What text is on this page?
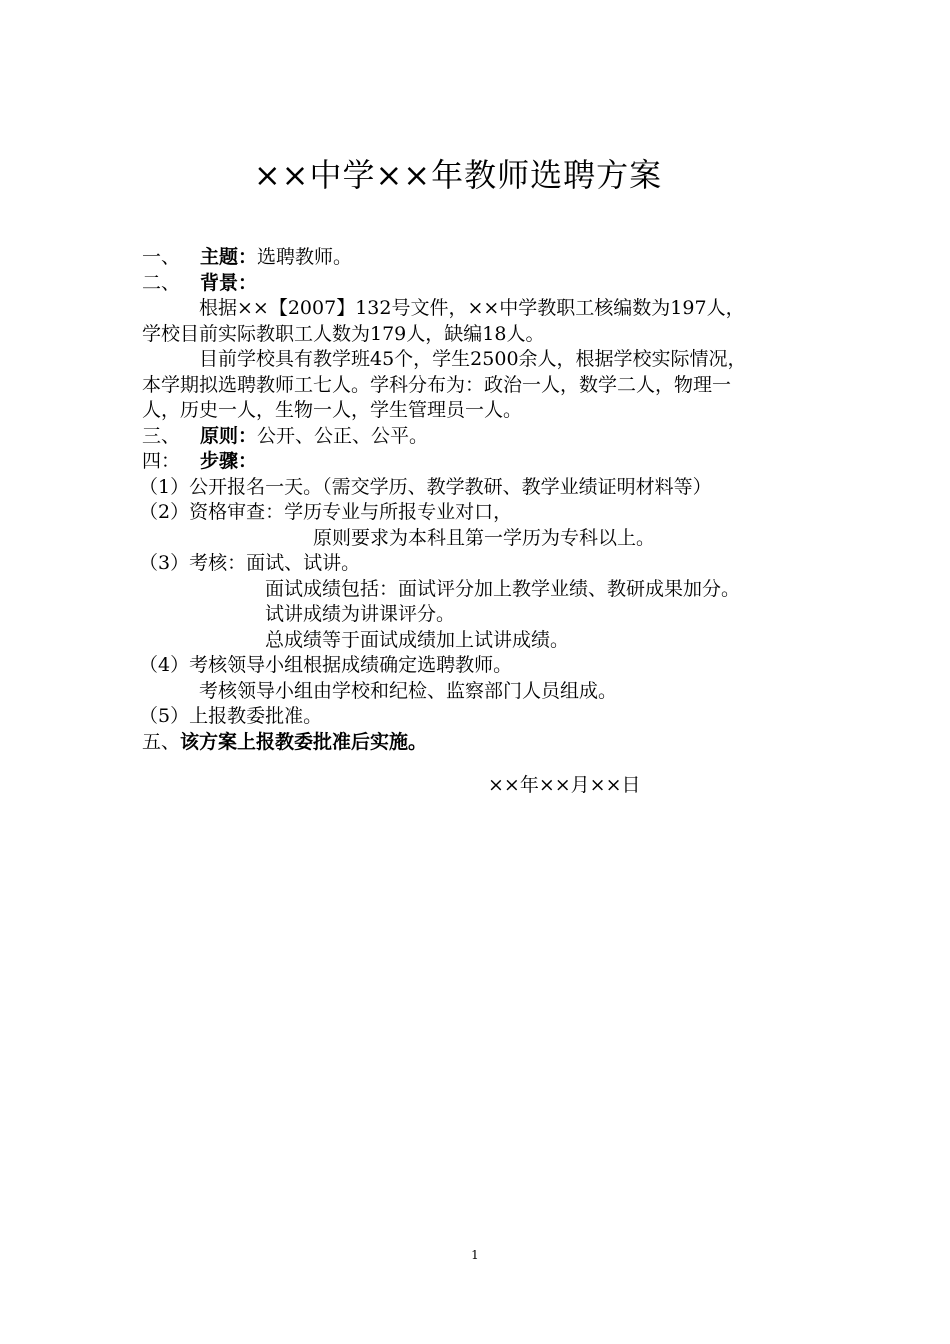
××中学××年教师选聘方案
一、 主题：选聘教师。
二、 背景：
根据××【2007】132号文件，××中学教职工核编数为197人，
学校目前实际教职工人数为179人，缺编18人。
目前学校具有教学班45个，学生2500余人，根据学校实际情况，
本学期拟选聘教师工七人。学科分布为：政治一人，数学二人，物理一
人，历史一人，生物一人，学生管理员一人。
三、 原则：公开、公正、公平。
四： 步骤：
（1）公开报名一天。（需交学历、教学教研、教学业绩证明材料等）
（2）资格审查：学历专业与所报专业对口，
原则要求为本科且第一学历为专科以上。
（3）考核：面试、试讲。
面试成绩包括：面试评分加上教学业绩、教研成果加分。
试讲成绩为讲课评分。
总成绩等于面试成绩加上试讲成绩。
（4）考核领导小组根据成绩确定选聘教师。
考核领导小组由学校和纪检、监察部门人员组成。
（5）上报教委批准。
五、该方案上报教委批准后实施。
××年××月××日
1
